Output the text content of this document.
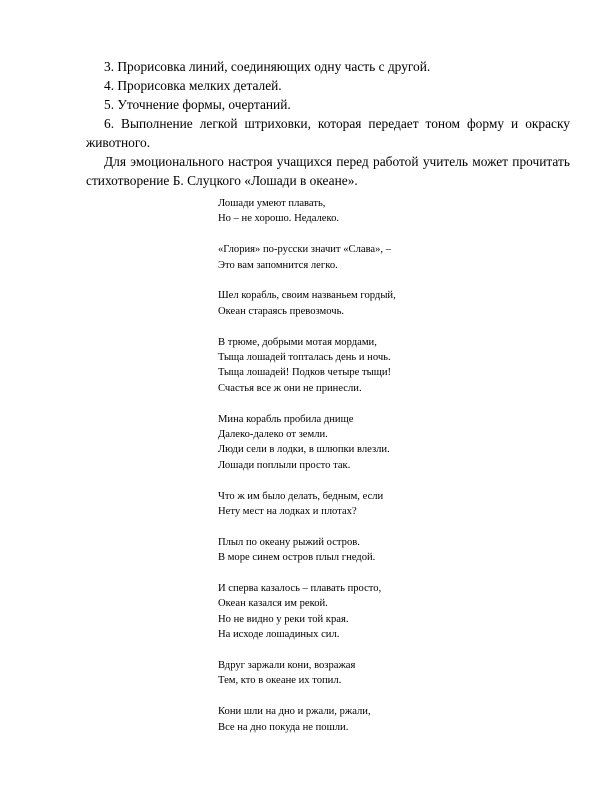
3. Прорисовка линий, соединяющих одну часть с другой.

4. Прорисовка мелких деталей.

5. Уточнение формы, очертаний.

6. Выполнение легкой штриховки, которая передает тоном форму и окраску животного.

Для эмоционального настроя учащихся перед работой учитель может прочитать стихотворение Б. Слуцкого «Лошади в океане».

Лошади умеют плавать,
Но – не хорошо. Недалеко.
«Глория» по-русски значит «Слава», –
Это вам запомнится легко.
Шел корабль, своим названьем гордый,
Океан стараясь превозмочь.
В трюме, добрыми мотая мордами,
Тыща лошадей топталась день и ночь.
Тыща лошадей! Подков четыре тыщи!
Счастья все ж они не принесли.
Мина корабль пробила днище
Далеко-далеко от земли.
Люди сели в лодки, в шлюпки влезли.
Лошади поплыли просто так.
Что ж им было делать, бедным, если
Нету мест на лодках и плотах?
Плыл по океану рыжий остров.
В море синем остров плыл гнедой.
И сперва казалось – плавать просто,
Океан казался им рекой.
Но не видно у реки той края.
На исходе лошадиных сил.
Вдруг заржали кони, возражая
Тем, кто в океане их топил.
Кони шли на дно и ржали, ржали,
Все на дно покуда не пошли.
